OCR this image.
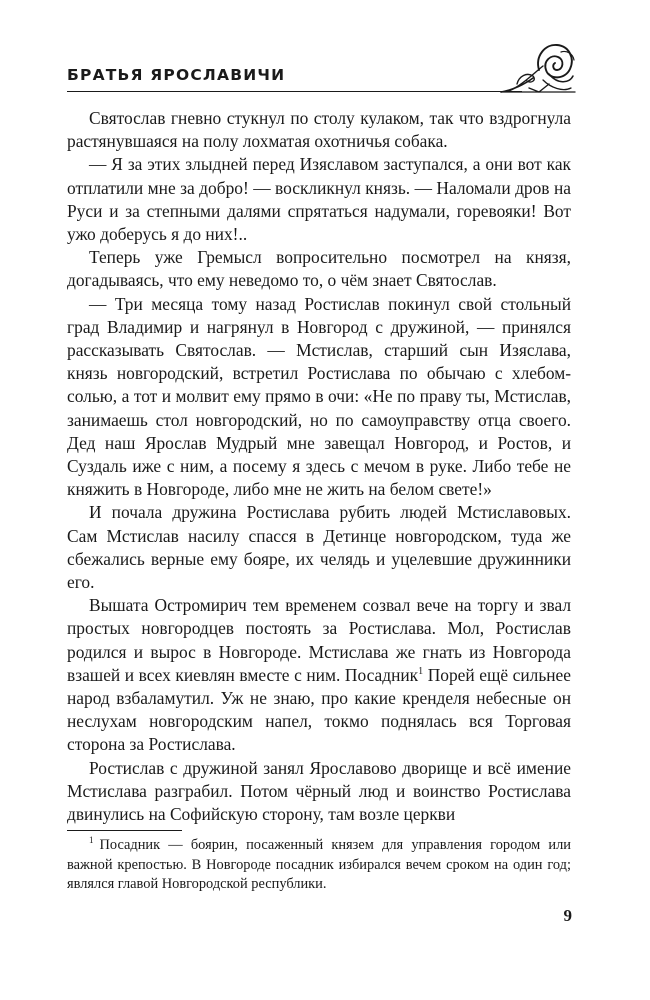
БРАТЬЯ ЯРОСЛАВИЧИ

Святослав гневно стукнул по столу кулаком, так что вздрогнула растянувшаяся на полу лохматая охотничья собака.

— Я за этих злыдней перед Изяславом заступался, а они вот как отплатили мне за добро! — воскликнул князь. — Наломали дров на Руси и за степными далями спрятаться надумали, горевояки! Вот ужо доберусь я до них!..

Теперь уже Гремысл вопросительно посмотрел на князя, догадываясь, что ему неведомо то, о чём знает Святослав.

— Три месяца тому назад Ростислав покинул свой стольный град Владимир и нагрянул в Новгород с дружиной, — принялся рассказывать Святослав. — Мстислав, старший сын Изяслава, князь новгородский, встретил Ростислава по обычаю с хлебом-солью, а тот и молвит ему прямо в очи: «Не по праву ты, Мстислав, занимаешь стол новгородский, но по самоуправству отца своего. Дед наш Ярослав Мудрый мне завещал Новгород, и Ростов, и Суздаль иже с ним, а посему я здесь с мечом в руке. Либо тебе не княжить в Новгороде, либо мне не жить на белом свете!»

И почала дружина Ростислава рубить людей Мстиславовых. Сам Мстислав насилу спасся в Детинце новгородском, туда же сбежались верные ему бояре, их челядь и уцелевшие дружинники его.

Вышата Остромирич тем временем созвал вече на торгу и звал простых новгородцев постоять за Ростислава. Мол, Ростислав родился и вырос в Новгороде. Мстислава же гнать из Новгорода взашей и всех киевлян вместе с ним. Посадник$^1$ Порей ещё сильнее народ взбаламутил. Уж не знаю, про какие кренделя небесные он неслухам новгородским напел, токмо поднялась вся Торговая сторона за Ростислава.

Ростислав с дружиной занял Ярославово дворище и всё имение Мстислава разграбил. Потом чёрный люд и воинство Ростислава двинулись на Софийскую сторону, там возле церкви

$^1$ Посадник — боярин, посаженный князем для управления городом или важной крепостью. В Новгороде посадник избирался вечем сроком на один год; являлся главой Новгородской республики.

9
